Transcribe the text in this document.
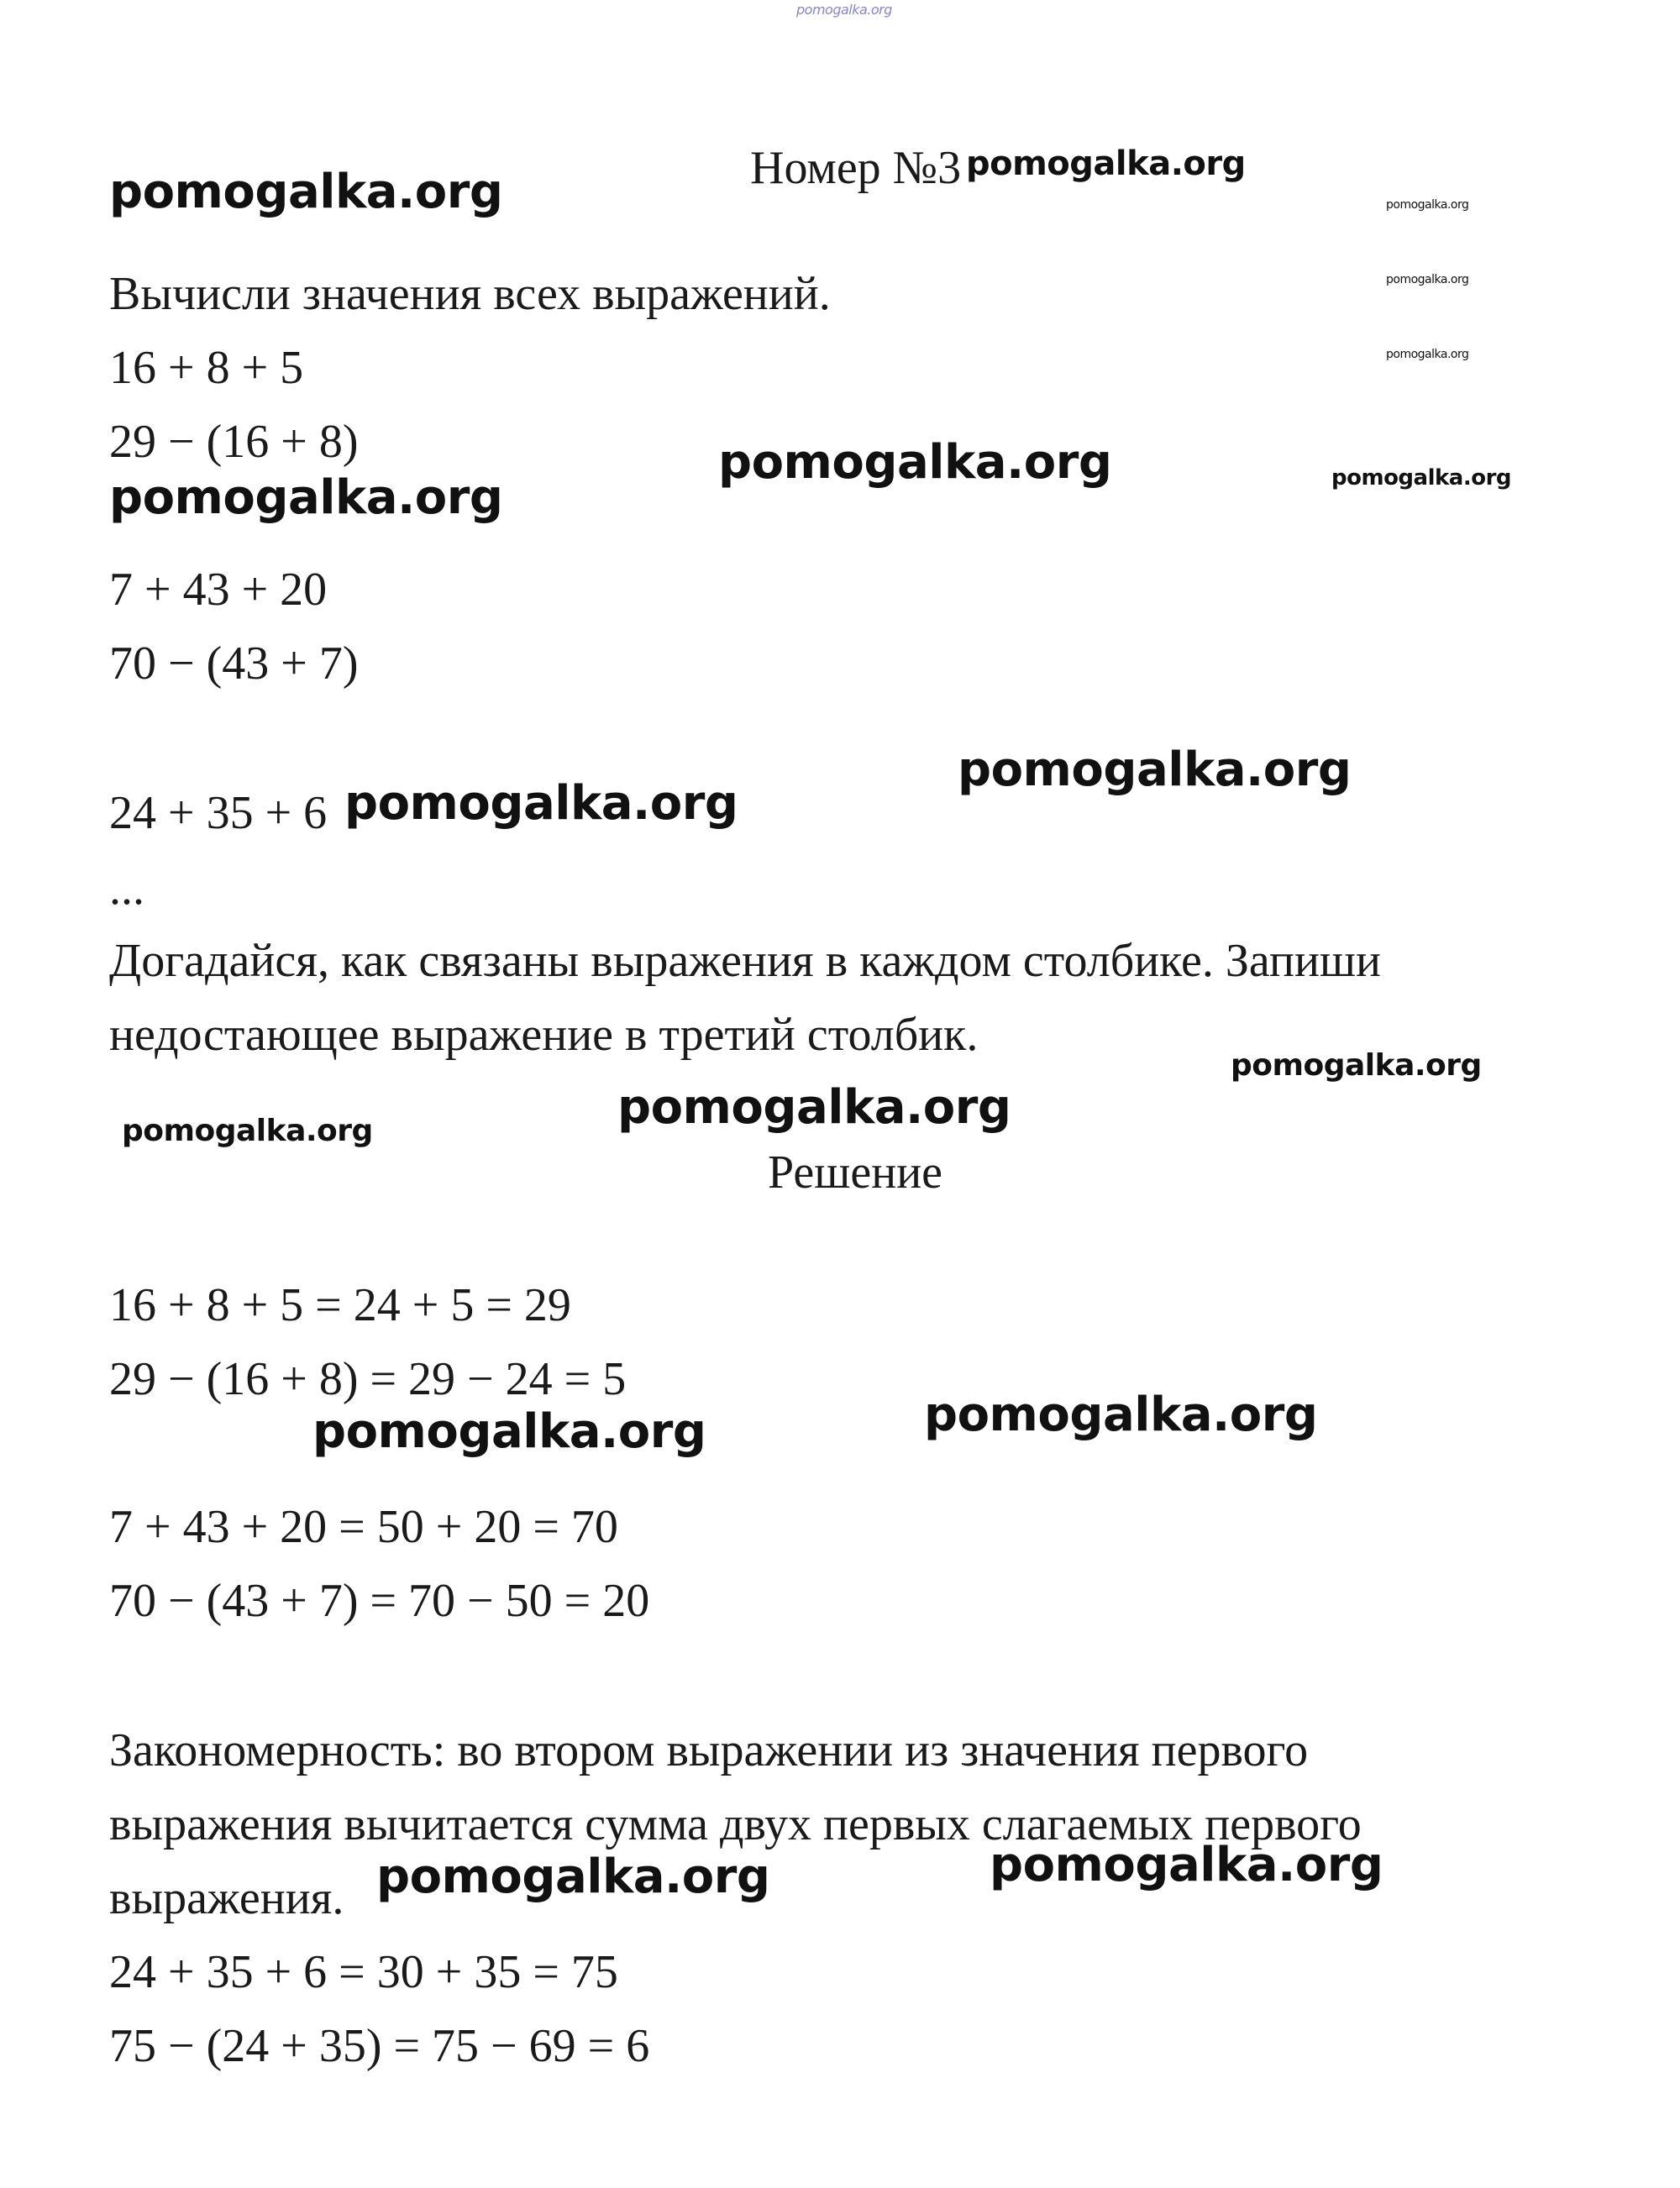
pomogalka.org
Номер №3 pomogalka.org
pomogalka.org	pomogalka.org
pomogalka.org
pomogalka.org
Вычисли значения всех выражений.
16 + 8 + 5
29 − (16 + 8)	pomogalka.org	pomogalka.org
pomogalka.org
7 + 43 + 20
70 − (43 + 7)
pomogalka.org
24 + 35 + 6 pomogalka.org
...
Догадайся, как связаны выражения в каждом столбике. Запиши
недостающее выражение в третий столбик.
pomogalka.org
pomogalka.org
pomogalka.org
Решение
16 + 8 + 5 = 24 + 5 = 29
29 − (16 + 8) = 29 − 24 = 5
pomogalka.org
pomogalka.org
7 + 43 + 20 = 50 + 20 = 70
70 − (43 + 7) = 70 − 50 = 20
Закономерность: во втором выражении из значения первого
выражения вычитается сумма двух первых слагаемых первого
выражения. pomogalka.org	pomogalka.org
24 + 35 + 6 = 30 + 35 = 75
75 − (24 + 35) = 75 − 69 = 6
